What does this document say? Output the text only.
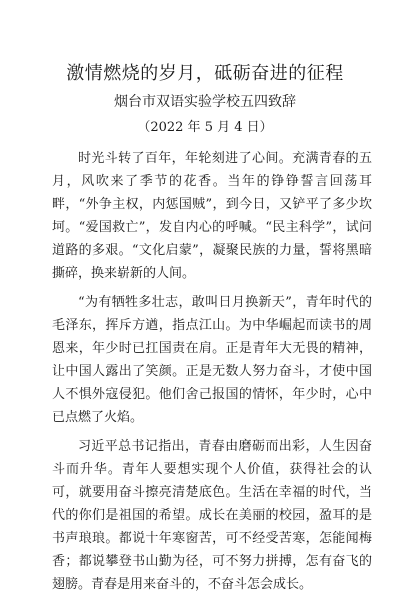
激情燃烧的岁月，砥砺奋进的征程
烟台市双语实验学校五四致辞
（2022 年 5 月 4 日）

时光斗转了百年，年轮刻进了心间。充满青春的五月，风吹来了季节的花香。当年的铮铮誓言回荡耳畔，“外争主权，内惩国贼”，到今日，又铲平了多少坎坷。“爱国救亡”，发自内心的呼喊。“民主科学”，试问道路的多艰。“文化启蒙”，凝聚民族的力量，誓将黑暗撕碎，换来崭新的人间。

“为有牺牲多壮志，敢叫日月换新天”，青年时代的毛泽东，挥斥方遒，指点江山。为中华崛起而读书的周恩来，年少时已扛国责在肩。正是青年大无畏的精神，让中国人露出了笑颜。正是无数人努力奋斗，才使中国人不惧外寇侵犯。他们舍己报国的情怀，年少时，心中已点燃了火焰。

习近平总书记指出，青春由磨砺而出彩，人生因奋斗而升华。青年人要想实现个人价值，获得社会的认可，就要用奋斗擦亮清楚底色。生活在幸福的时代，当代的你们是祖国的希望。成长在美丽的校园，盈耳的是书声琅琅。都说十年寒窗苦，可不经受苦寒，怎能闻梅香；都说攀登书山勤为径，可不努力拼搏，怎有奋飞的翅膀。青春是用来奋斗的，不奋斗怎会成长。
